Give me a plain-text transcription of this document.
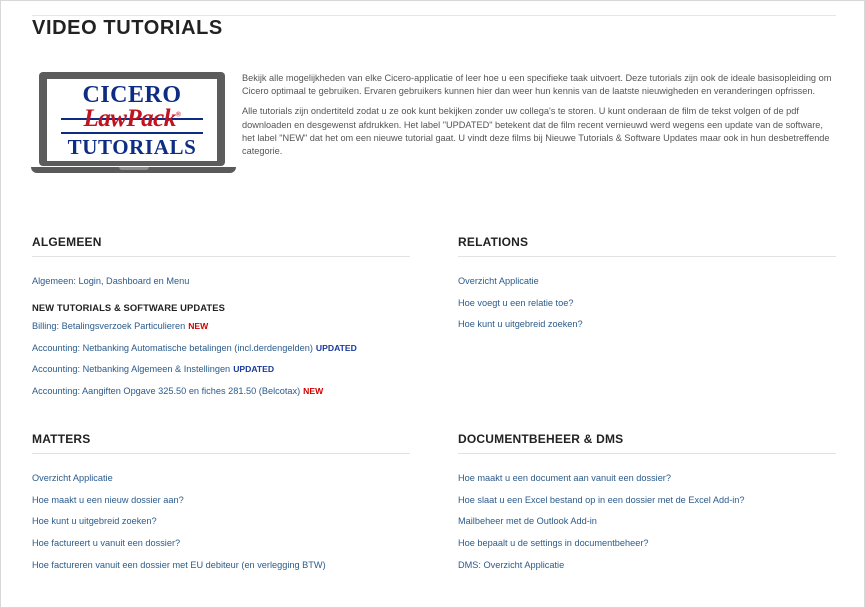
VIDEO TUTORIALS
CICERO
LawPack®
TUTORIALS

Bekijk alle mogelijkheden van elke Cicero-applicatie of leer hoe u een specifieke taak uitvoert. Deze tutorials zijn ook de ideale basisopleiding om Cicero optimaal te gebruiken. Ervaren gebruikers kunnen hier dan weer hun kennis van de laatste nieuwigheden en veranderingen opfrissen.

Alle tutorials zijn ondertiteld zodat u ze ook kunt bekijken zonder uw collega's te storen. U kunt onderaan de film de tekst volgen of de pdf downloaden en desgewenst afdrukken. Het label "UPDATED" betekent dat de film recent vernieuwd werd wegens een update van de software, het label "NEW" dat het om een nieuwe tutorial gaat. U vindt deze films bij Nieuwe Tutorials & Software Updates maar ook in hun desbetreffende categorie.

ALGEMEEN
Algemeen: Login, Dashboard en Menu
NEW TUTORIALS & SOFTWARE UPDATES
Billing: Betalingsverzoek Particulieren NEW
Accounting: Netbanking Automatische betalingen (incl.derdengelden) UPDATED
Accounting: Netbanking Algemeen & Instellingen UPDATED
Accounting: Aangiften Opgave 325.50 en fiches 281.50 (Belcotax) NEW
RELATIONS
Overzicht Applicatie
Hoe voegt u een relatie toe?
Hoe kunt u uitgebreid zoeken?
MATTERS
Overzicht Applicatie
Hoe maakt u een nieuw dossier aan?
Hoe kunt u uitgebreid zoeken?
Hoe factureert u vanuit een dossier?
Hoe factureren vanuit een dossier met EU debiteur (en verlegging BTW)
DOCUMENTBEHEER & DMS
Hoe maakt u een document aan vanuit een dossier?
Hoe slaat u een Excel bestand op in een dossier met de Excel Add-in?
Mailbeheer met de Outlook Add-in
Hoe bepaalt u de settings in documentbeheer?
DMS: Overzicht Applicatie
